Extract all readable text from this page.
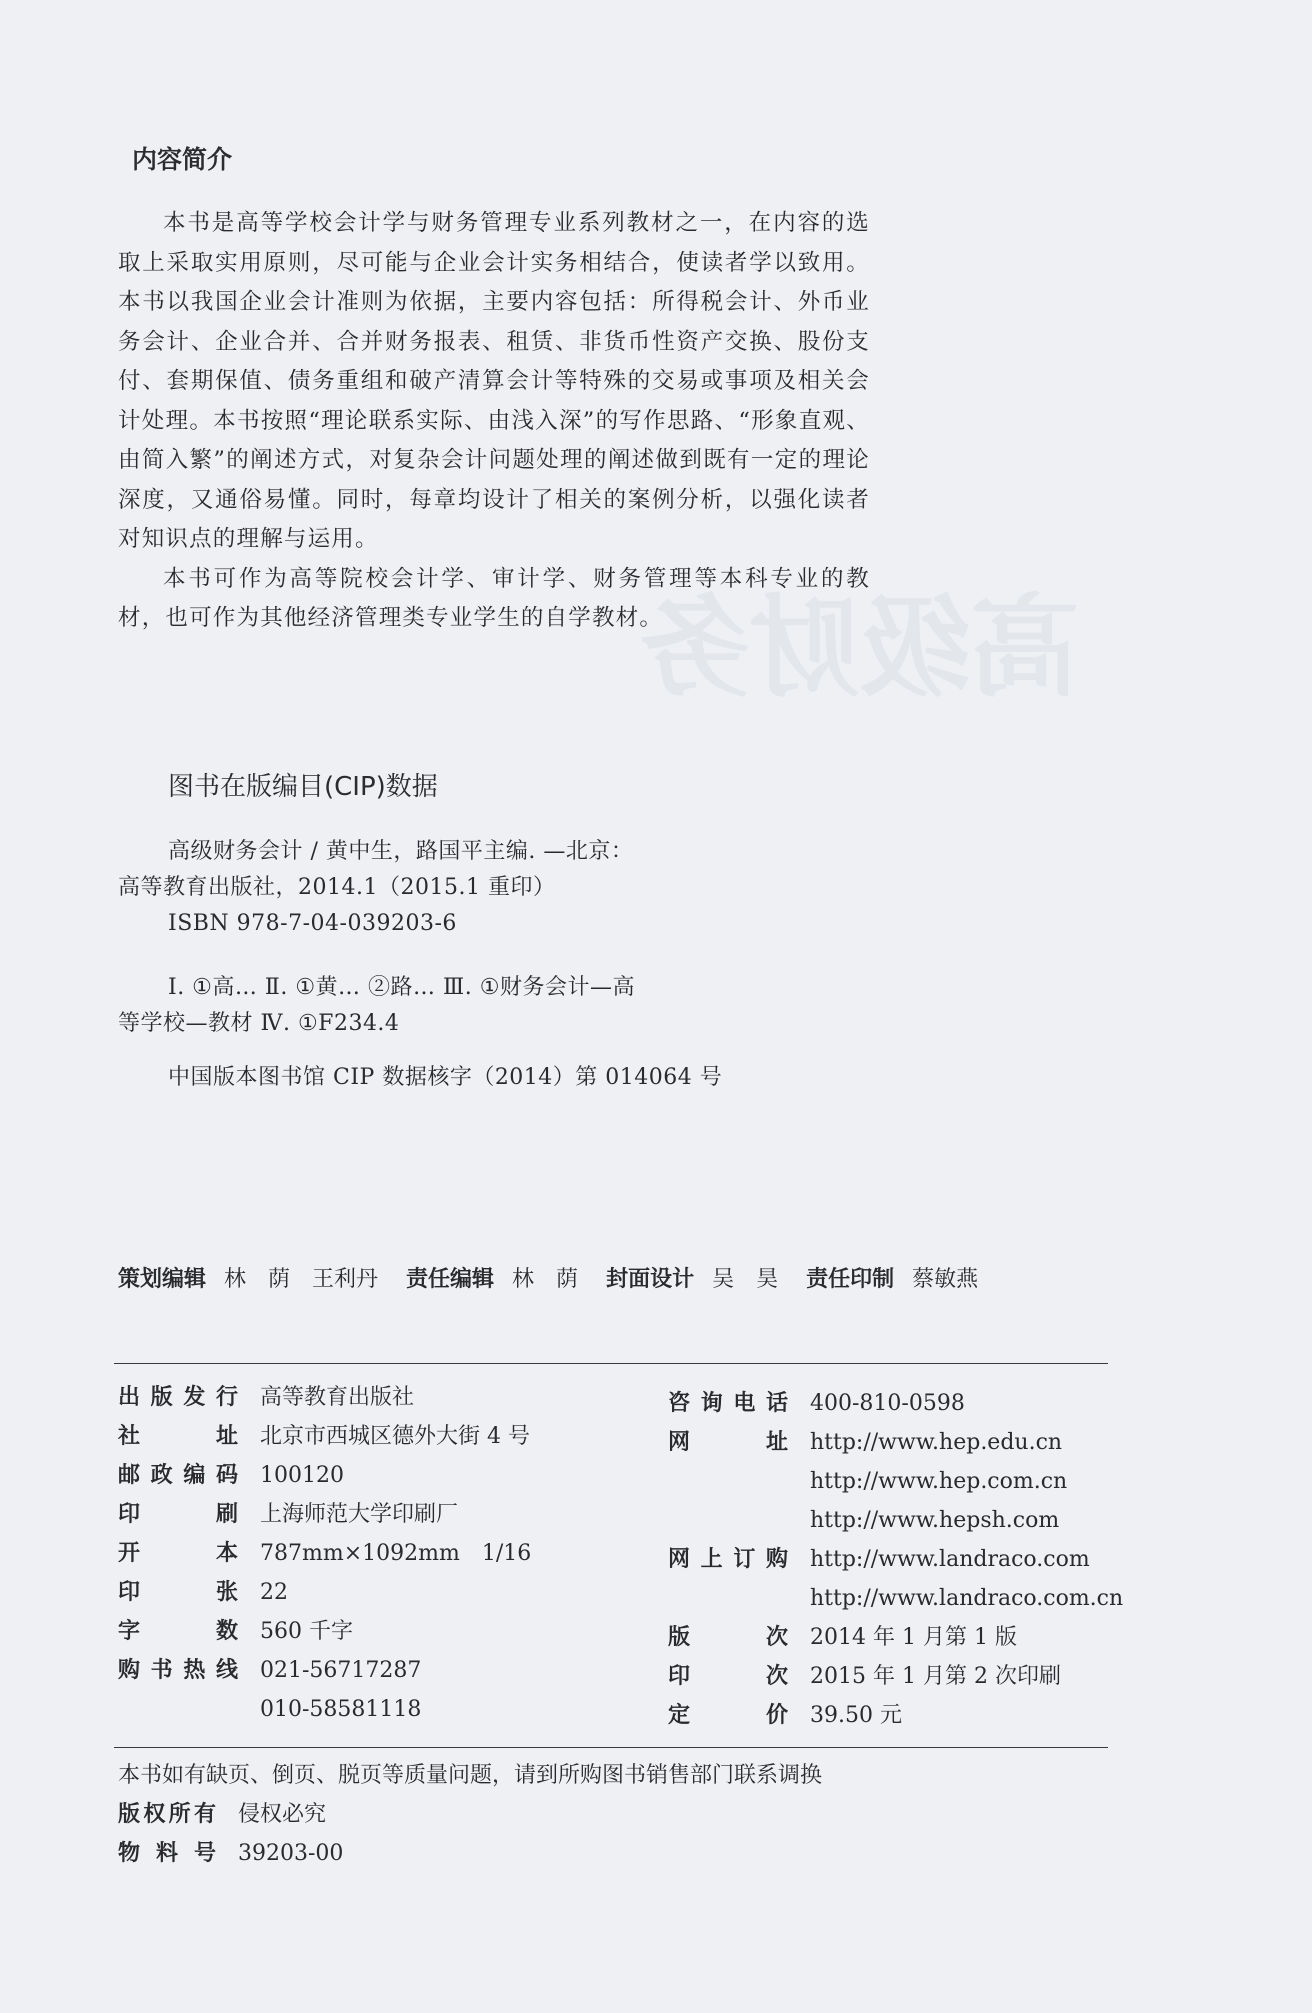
高级财务
内容简介

本书是高等学校会计学与财务管理专业系列教材之一，在内容的选取上采取实用原则，尽可能与企业会计实务相结合，使读者学以致用。本书以我国企业会计准则为依据，主要内容包括：所得税会计、外币业务会计、企业合并、合并财务报表、租赁、非货币性资产交换、股份支付、套期保值、债务重组和破产清算会计等特殊的交易或事项及相关会计处理。本书按照“理论联系实际、由浅入深”的写作思路、“形象直观、由简入繁”的阐述方式，对复杂会计问题处理的阐述做到既有一定的理论深度，又通俗易懂。同时，每章均设计了相关的案例分析，以强化读者对知识点的理解与运用。

本书可作为高等院校会计学、审计学、财务管理等本科专业的教材，也可作为其他经济管理类专业学生的自学教材。

图书在版编目(CIP)数据
高级财务会计 / 黄中生，路国平主编. —北京：
高等教育出版社，2014.1（2015.1 重印）
ISBN 978-7-04-039203-6
Ⅰ. ①高… Ⅱ. ①黄… ②路… Ⅲ. ①财务会计—高
等学校—教材 Ⅳ. ①F234.4
中国版本图书馆 CIP 数据核字（2014）第 014064 号
策划编辑 林　荫　王利丹 责任编辑 林　荫 封面设计 吴　昊 责任印制 蔡敏燕
出版发行 高等教育出版社
社址 北京市西城区德外大街 4 号
邮政编码 100120
印刷 上海师范大学印刷厂
开本 787mm×1092mm　1/16
印张 22
字数 560 千字
购书热线 021-56717287
010-58581118
咨询电话 400-810-0598
网址 http://www.hep.edu.cn
http://www.hep.com.cn
http://www.hepsh.com
网上订购 http://www.landraco.com
http://www.landraco.com.cn
版次 2014 年 1 月第 1 版
印次 2015 年 1 月第 2 次印刷
定价 39.50 元
本书如有缺页、倒页、脱页等质量问题，请到所购图书销售部门联系调换
版权所有 侵权必究
物料号 39203-00
